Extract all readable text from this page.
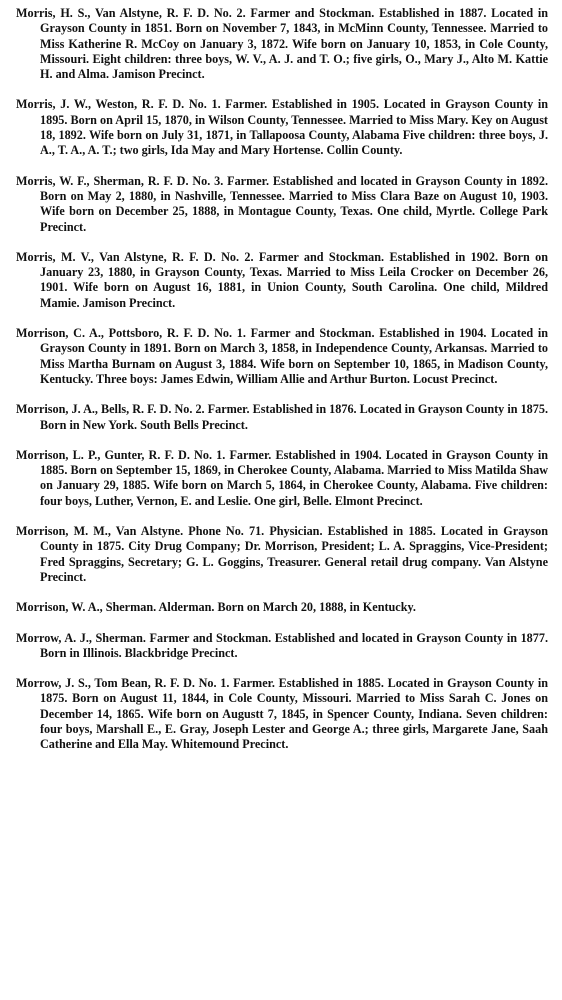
Morris, H. S., Van Alstyne, R. F. D. No. 2. Farmer and Stockman. Established in 1887. Located in Grayson County in 1851. Born on November 7, 1843, in McMinn County, Tennessee. Married to Miss Katherine R. McCoy on January 3, 1872. Wife born on January 10, 1853, in Cole County, Missouri. Eight children: three boys, W. V., A. J. and T. O.; five girls, O., Mary J., Alto M. Kattie H. and Alma. Jamison Precinct.

Morris, J. W., Weston, R. F. D. No. 1. Farmer. Established in 1905. Located in Grayson County in 1895. Born on April 15, 1870, in Wilson County, Tennessee. Married to Miss Mary. Key on August 18, 1892. Wife born on July 31, 1871, in Tallapoosa County, Alabama Five children: three boys, J. A., T. A., A. T.; two girls, Ida May and Mary Hortense. Collin County.

Morris, W. F., Sherman, R. F. D. No. 3. Farmer. Established and located in Grayson County in 1892. Born on May 2, 1880, in Nashville, Tennessee. Married to Miss Clara Baze on August 10, 1903. Wife born on December 25, 1888, in Montague County, Texas. One child, Myrtle. College Park Precinct.

Morris, M. V., Van Alstyne, R. F. D. No. 2. Farmer and Stockman. Established in 1902. Born on January 23, 1880, in Grayson County, Texas. Married to Miss Leila Crocker on December 26, 1901. Wife born on August 16, 1881, in Union County, South Carolina. One child, Mildred Mamie. Jamison Precinct.

Morrison, C. A., Pottsboro, R. F. D. No. 1. Farmer and Stockman. Established in 1904. Located in Grayson County in 1891. Born on March 3, 1858, in Independence County, Arkansas. Married to Miss Martha Burnam on August 3, 1884. Wife born on September 10, 1865, in Madison County, Kentucky. Three boys: James Edwin, William Allie and Arthur Burton. Locust Precinct.

Morrison, J. A., Bells, R. F. D. No. 2. Farmer. Established in 1876. Located in Grayson County in 1875. Born in New York. South Bells Precinct.

Morrison, L. P., Gunter, R. F. D. No. 1. Farmer. Established in 1904. Located in Grayson County in 1885. Born on September 15, 1869, in Cherokee County, Alabama. Married to Miss Matilda Shaw on January 29, 1885. Wife born on March 5, 1864, in Cherokee County, Alabama. Five children: four boys, Luther, Vernon, E. and Leslie. One girl, Belle. Elmont Precinct.

Morrison, M. M., Van Alstyne. Phone No. 71. Physician. Established in 1885. Located in Grayson County in 1875. City Drug Company; Dr. Morrison, President; L. A. Spraggins, Vice-President; Fred Spraggins, Secretary; G. L. Goggins, Treasurer. General retail drug company. Van Alstyne Precinct.

Morrison, W. A., Sherman. Alderman. Born on March 20, 1888, in Kentucky.

Morrow, A. J., Sherman. Farmer and Stockman. Established and located in Grayson County in 1877. Born in Illinois. Blackbridge Precinct.

Morrow, J. S., Tom Bean, R. F. D. No. 1. Farmer. Established in 1885. Located in Grayson County in 1875. Born on August 11, 1844, in Cole County, Missouri. Married to Miss Sarah C. Jones on December 14, 1865. Wife born on Augustt 7, 1845, in Spencer County, Indiana. Seven children: four boys, Marshall E., E. Gray, Joseph Lester and George A.; three girls, Margarete Jane, Saah Catherine and Ella May. Whitemound Precinct.
